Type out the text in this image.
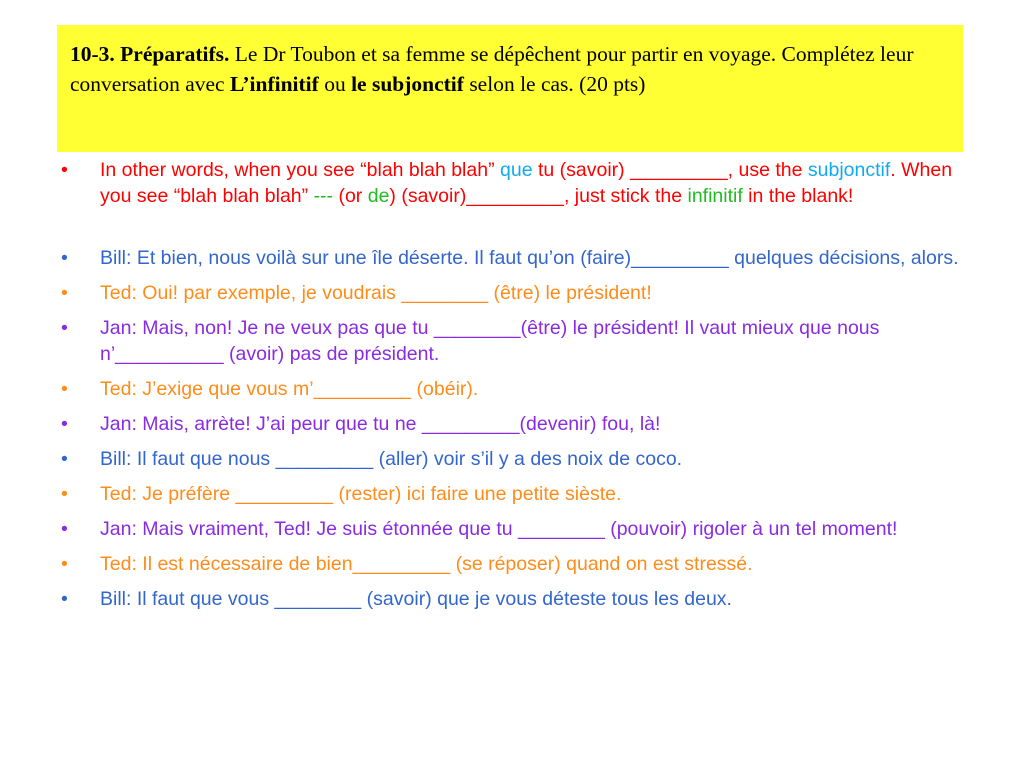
10-3. Préparatifs. Le Dr Toubon et sa femme se dépêchent pour partir en voyage. Complétez leur conversation avec L’infinitif ou le subjonctif selon le cas. (20 pts)
• In other words, when you see “blah blah blah” que tu (savoir) _________, use the subjonctif. When you see “blah blah blah” --- (or de) (savoir)_________, just stick the infinitif in the blank!
• Bill: Et bien, nous voilà sur une île déserte. Il faut qu’on (faire)_________ quelques décisions, alors.
• Ted: Oui! par exemple, je voudrais ________ (être) le président!
• Jan: Mais, non! Je ne veux pas que tu ________(être) le président! Il vaut mieux que nous n’__________ (avoir) pas de président.
• Ted: J’exige que vous m’_________ (obéir).
• Jan: Mais, arrète! J’ai peur que tu ne _________(devenir) fou, là!
• Bill: Il faut que nous _________ (aller) voir s’il y a des noix de coco.
• Ted: Je préfère _________ (rester) ici faire une petite sièste.
• Jan: Mais vraiment, Ted! Je suis étonnée que tu ________ (pouvoir) rigoler à un tel moment!
• Ted: Il est nécessaire de bien_________ (se réposer) quand on est stressé.
• Bill: Il faut que vous ________ (savoir) que je vous déteste tous les deux.
